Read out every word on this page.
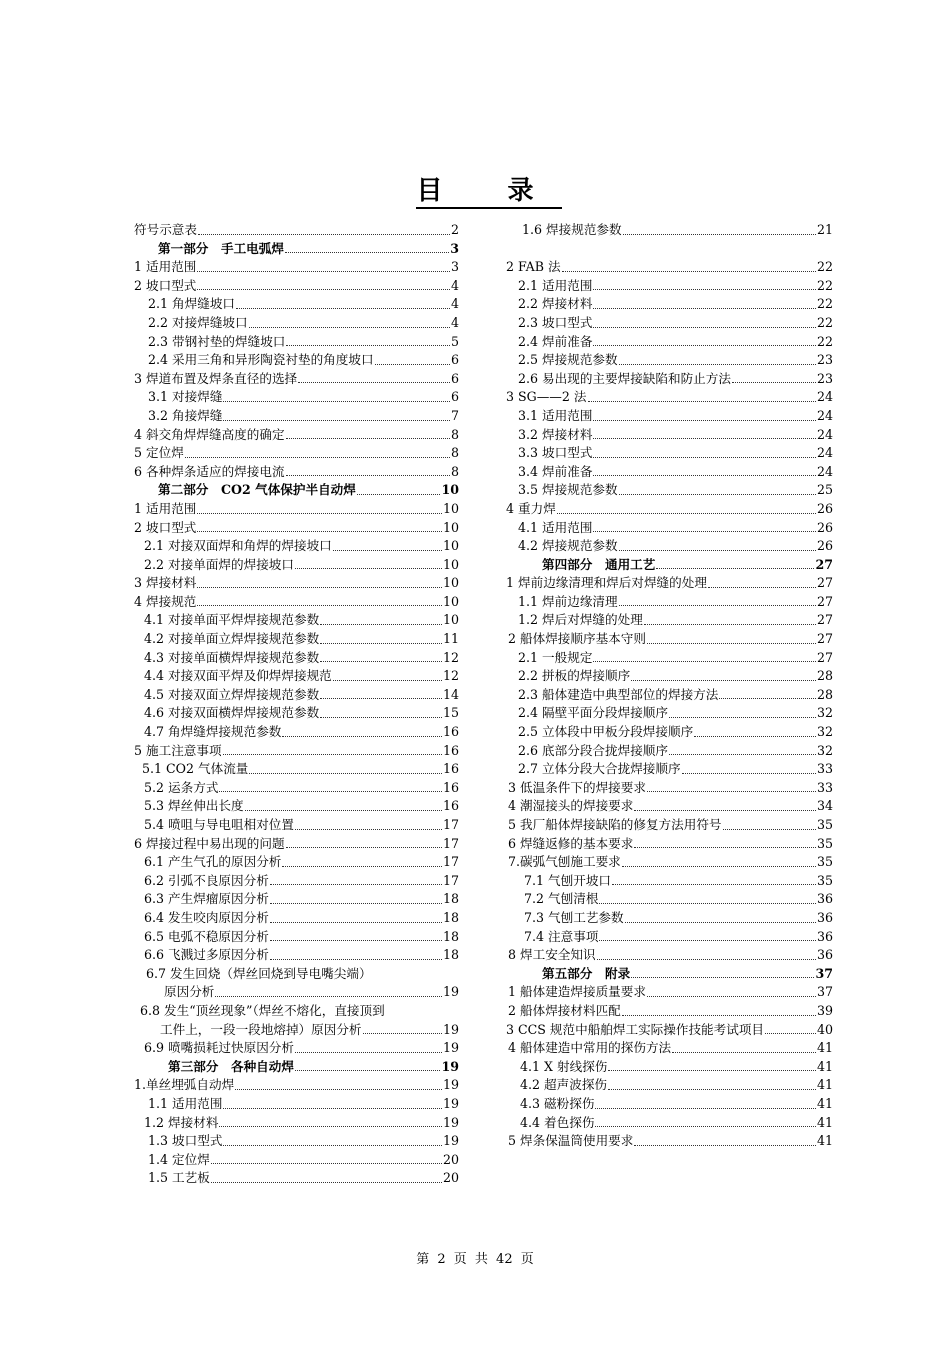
目 录
符号示意表	2
第一部分　手工电弧焊	3
1 适用范围	3
2 坡口型式	4
2.1 角焊缝坡口	4
2.2 对接焊缝坡口	4
2.3 带钢衬垫的焊缝坡口	5
2.4 采用三角和异形陶瓷衬垫的角度坡口	6
3 焊道布置及焊条直径的选择	6
3.1 对接焊缝	6
3.2 角接焊缝	7
4 斜交角焊焊缝高度的确定	8
5 定位焊	8
6 各种焊条适应的焊接电流	8
第二部分　CO2 气体保护半自动焊	10
1 适用范围	10
2 坡口型式	10
2.1 对接双面焊和角焊的焊接坡口	10
2.2 对接单面焊的焊接坡口	10
3 焊接材料	10
4 焊接规范	10
4.1 对接单面平焊焊接规范参数	10
4.2 对接单面立焊焊接规范参数	11
4.3 对接单面横焊焊接规范参数	12
4.4 对接双面平焊及仰焊焊接规范	12
4.5 对接双面立焊焊接规范参数	14
4.6 对接双面横焊焊接规范参数	15
4.7 角焊缝焊接规范参数	16
5 施工注意事项	16
5.1 CO2 气体流量	16
5.2 运条方式	16
5.3 焊丝伸出长度	16
5.4 喷咀与导电咀相对位置	17
6 焊接过程中易出现的问题	17
6.1 产生气孔的原因分析	17
6.2 引弧不良原因分析	17
6.3 产生焊瘤原因分析	18
6.4 发生咬肉原因分析	18
6.5 电弧不稳原因分析	18
6.6 飞溅过多原因分析	18
6.7 发生回烧（焊丝回烧到导电嘴尖端）
原因分析	19
6.8 发生“顶丝现象”（焊丝不熔化，直接顶到
工件上，一段一段地熔掉）原因分析	19
6.9 喷嘴损耗过快原因分析	19
第三部分　各种自动焊	19
1.单丝埋弧自动焊	19
1.1 适用范围	19
1.2 焊接材料	19
1.3 坡口型式	19
1.4 定位焊	20
1.5 工艺板	20
1.6 焊接规范参数	21
2 FAB 法	22
2.1 适用范围	22
2.2 焊接材料	22
2.3 坡口型式	22
2.4 焊前准备	22
2.5 焊接规范参数	23
2.6 易出现的主要焊接缺陷和防止方法	23
3 SG——2 法	24
3.1 适用范围	24
3.2 焊接材料	24
3.3 坡口型式	24
3.4 焊前准备	24
3.5 焊接规范参数	25
4 重力焊	26
4.1 适用范围	26
4.2 焊接规范参数	26
第四部分　通用工艺	27
1 焊前边缘清理和焊后对焊缝的处理	27
1.1 焊前边缘清理	27
1.2 焊后对焊缝的处理	27
2 船体焊接顺序基本守则	27
2.1 一般规定	27
2.2 拼板的焊接顺序	28
2.3 船体建造中典型部位的焊接方法	28
2.4 隔壁平面分段焊接顺序	32
2.5 立体段中甲板分段焊接顺序	32
2.6 底部分段合拢焊接顺序	32
2.7 立体分段大合拢焊接顺序	33
3 低温条件下的焊接要求	33
4 潮湿接头的焊接要求	34
5 我厂船体焊接缺陷的修复方法用符号	35
6 焊缝返修的基本要求	35
7.碳弧气刨施工要求	35
7.1 气刨开坡口	35
7.2 气刨清根	36
7.3 气刨工艺参数	36
7.4 注意事项	36
8 焊工安全知识	36
第五部分　附录	37
1 船体建造焊接质量要求	37
2 船体焊接材料匹配	39
3 CCS 规范中船舶焊工实际操作技能考试项目	40
4 船体建造中常用的探伤方法	41
4.1 X 射线探伤	41
4.2 超声波探伤	41
4.3 磁粉探伤	41
4.4 着色探伤	41
5 焊条保温筒使用要求	41
第 2 页 共 42 页
